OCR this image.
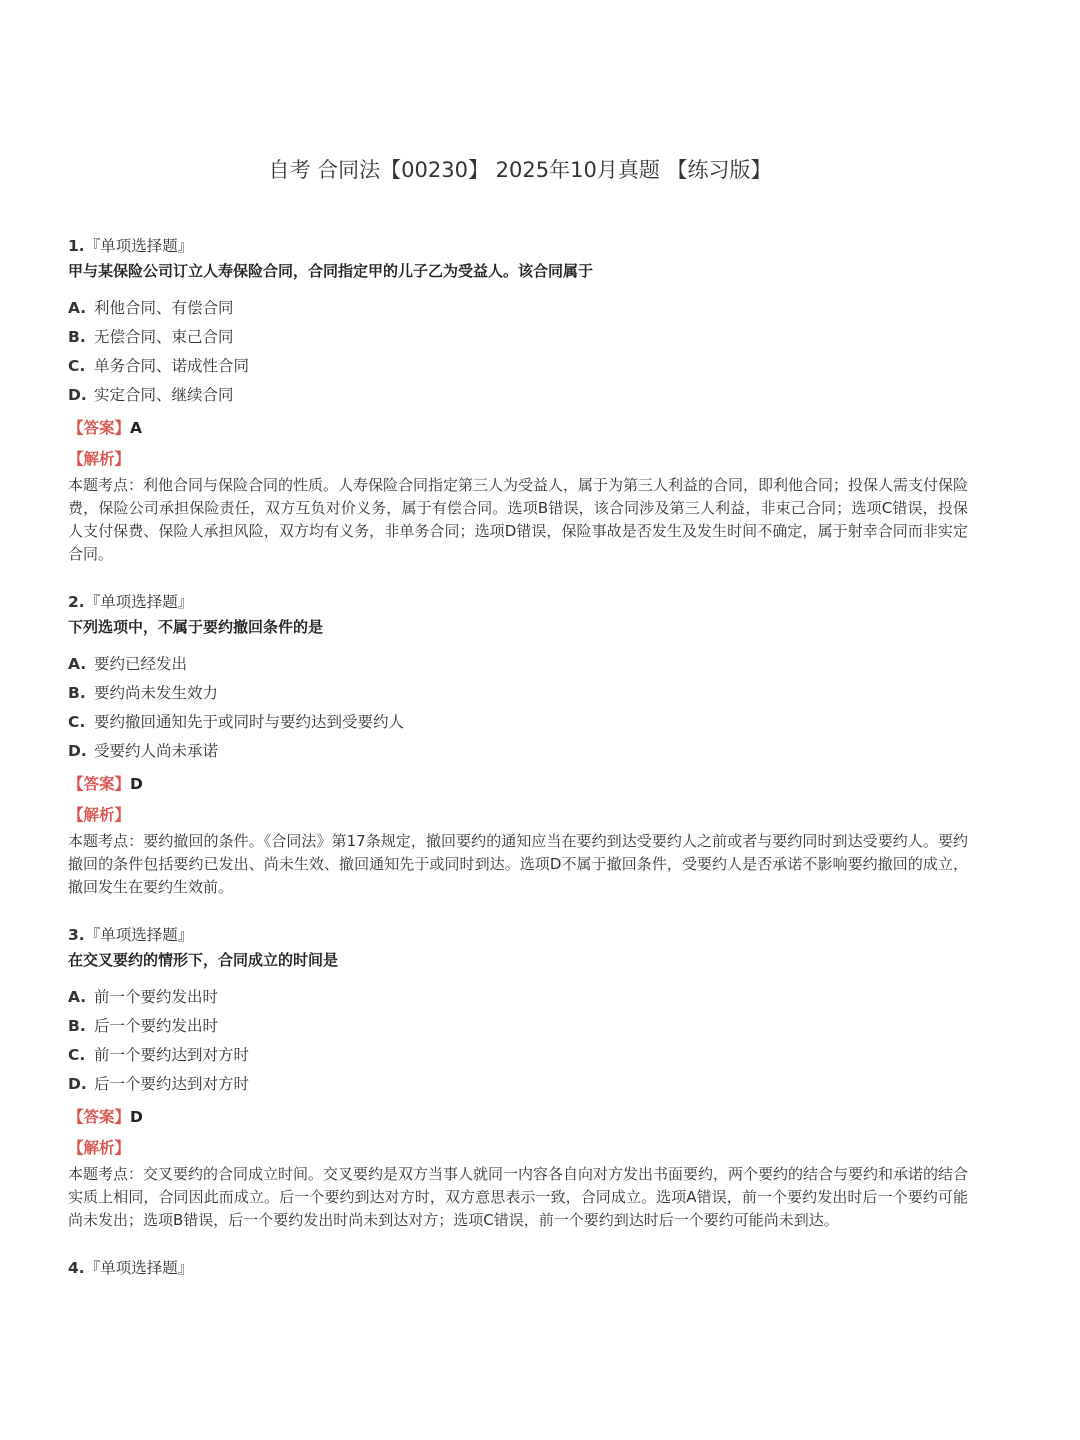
自考 合同法【00230】 2025年10月真题 【练习版】
1.『单项选择题』
甲与某保险公司订立人寿保险合同，合同指定甲的儿子乙为受益人。该合同属于
A. 利他合同、有偿合同
B. 无偿合同、束己合同
C. 单务合同、诺成性合同
D. 实定合同、继续合同
【答案】A
【解析】
本题考点：利他合同与保险合同的性质。人寿保险合同指定第三人为受益人，属于为第三人利益的合同，即利他合同；投保人需支付保险费，保险公司承担保险责任，双方互负对价义务，属于有偿合同。选项B错误，该合同涉及第三人利益，非束己合同；选项C错误，投保人支付保费、保险人承担风险，双方均有义务，非单务合同；选项D错误，保险事故是否发生及发生时间不确定，属于射幸合同而非实定合同。
2.『单项选择题』
下列选项中，不属于要约撤回条件的是
A. 要约已经发出
B. 要约尚未发生效力
C. 要约撤回通知先于或同时与要约达到受要约人
D. 受要约人尚未承诺
【答案】D
【解析】
本题考点：要约撤回的条件。《合同法》第17条规定，撤回要约的通知应当在要约到达受要约人之前或者与要约同时到达受要约人。要约撤回的条件包括要约已发出、尚未生效、撤回通知先于或同时到达。选项D不属于撤回条件，受要约人是否承诺不影响要约撤回的成立，撤回发生在要约生效前。
3.『单项选择题』
在交叉要约的情形下，合同成立的时间是
A. 前一个要约发出时
B. 后一个要约发出时
C. 前一个要约达到对方时
D. 后一个要约达到对方时
【答案】D
【解析】
本题考点：交叉要约的合同成立时间。交叉要约是双方当事人就同一内容各自向对方发出书面要约，两个要约的结合与要约和承诺的结合实质上相同，合同因此而成立。后一个要约到达对方时，双方意思表示一致，合同成立。选项A错误，前一个要约发出时后一个要约可能尚未发出；选项B错误，后一个要约发出时尚未到达对方；选项C错误，前一个要约到达时后一个要约可能尚未到达。
4.『单项选择题』
